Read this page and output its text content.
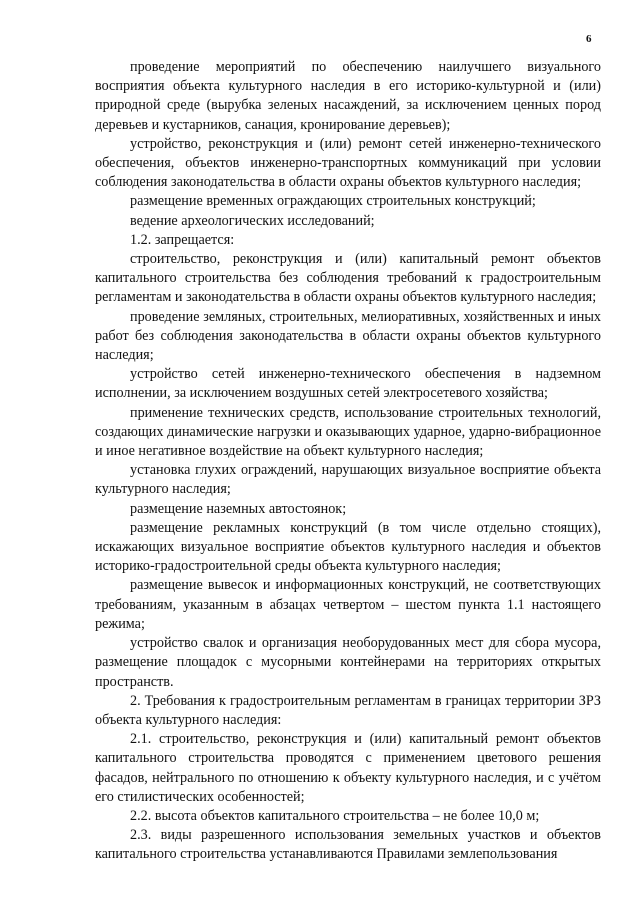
6

проведение мероприятий по обеспечению наилучшего визуального восприятия объекта культурного наследия в его историко-культурной и (или) природной среде (вырубка зеленых насаждений, за исключением ценных пород деревьев и кустарников, санация, кронирование деревьев);

устройство, реконструкция и (или) ремонт сетей инженерно-технического обеспечения, объектов инженерно-транспортных коммуникаций при условии соблюдения законодательства в области охраны объектов культурного наследия;

размещение временных ограждающих строительных конструкций;

ведение археологических исследований;

1.2. запрещается:

строительство, реконструкция и (или) капитальный ремонт объектов капитального строительства без соблюдения требований к градостроительным регламентам и законодательства в области охраны объектов культурного наследия;

проведение земляных, строительных, мелиоративных, хозяйственных и иных работ без соблюдения законодательства в области охраны объектов культурного наследия;

устройство сетей инженерно-технического обеспечения в надземном исполнении, за исключением воздушных сетей электросетевого хозяйства;

применение технических средств, использование строительных технологий, создающих динамические нагрузки и оказывающих ударное, ударно-вибрационное и иное негативное воздействие на объект культурного наследия;

установка глухих ограждений, нарушающих визуальное восприятие объекта культурного наследия;

размещение наземных автостоянок;

размещение рекламных конструкций (в том числе отдельно стоящих), искажающих визуальное восприятие объектов культурного наследия и объектов историко-градостроительной среды объекта культурного наследия;

размещение вывесок и информационных конструкций, не соответствующих требованиям, указанным в абзацах четвертом – шестом пункта 1.1 настоящего режима;

устройство свалок и организация необорудованных мест для сбора мусора, размещение площадок с мусорными контейнерами на территориях открытых пространств.

2. Требования к градостроительным регламентам в границах территории ЗРЗ объекта культурного наследия:

2.1. строительство, реконструкция и (или) капитальный ремонт объектов капитального строительства проводятся с применением цветового решения фасадов, нейтрального по отношению к объекту культурного наследия, и с учётом его стилистических особенностей;

2.2. высота объектов капитального строительства – не более 10,0 м;

2.3. виды разрешенного использования земельных участков и объектов капитального строительства устанавливаются Правилами землепользования
